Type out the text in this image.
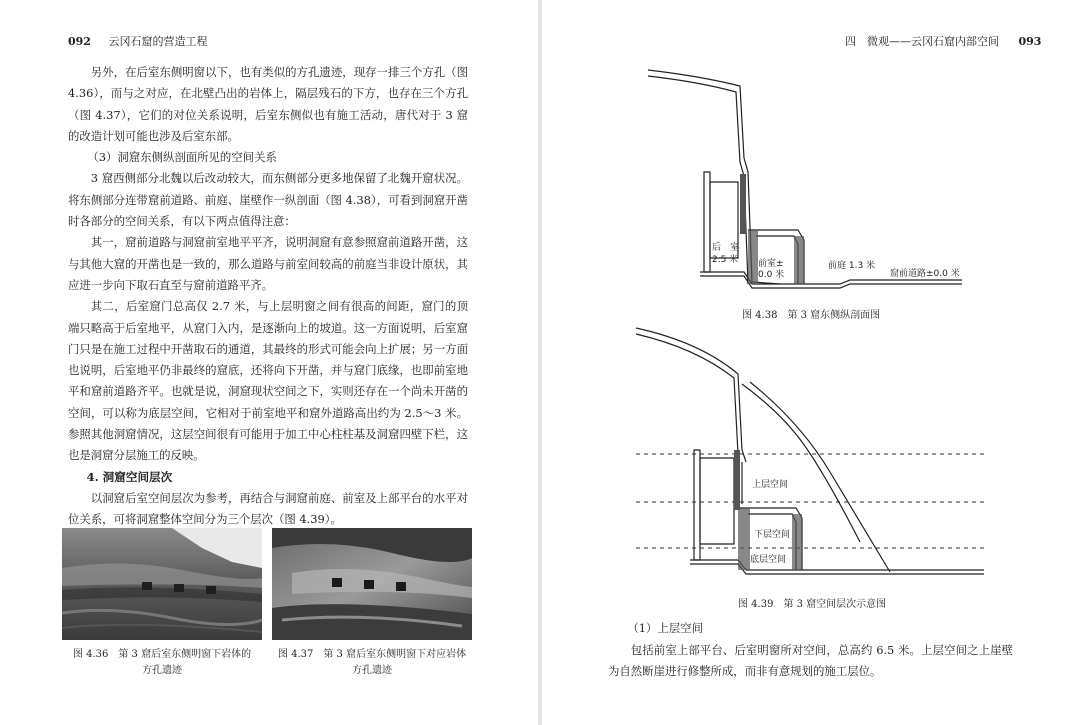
092 云冈石窟的营造工程

另外，在后室东侧明窗以下，也有类似的方孔遗迹，现存一排三个方孔（图 4.36），而与之对应，在北壁凸出的岩体上，隔层残石的下方，也存在三个方孔（图 4.37），它们的对位关系说明，后室东侧似也有施工活动，唐代对于 3 窟的改造计划可能也涉及后室东部。

（3）洞窟东侧纵剖面所见的空间关系

3 窟西侧部分北魏以后改动较大，而东侧部分更多地保留了北魏开窟状况。将东侧部分连带窟前道路、前庭、崖壁作一纵剖面（图 4.38），可看到洞窟开凿时各部分的空间关系，有以下两点值得注意：

其一，窟前道路与洞窟前室地平平齐，说明洞窟有意参照窟前道路开凿，这与其他大窟的开凿也是一致的，那么道路与前室间较高的前庭当非设计原状，其应进一步向下取石直至与窟前道路平齐。

其二，后室窟门总高仅 2.7 米，与上层明窗之间有很高的间距，窟门的顶端只略高于后室地平，从窟门入内，是逐渐向上的坡道。这一方面说明，后室窟门只是在施工过程中开凿取石的通道，其最终的形式可能会向上扩展；另一方面也说明，后室地平仍非最终的窟底，还将向下开凿，并与窟门底缘，也即前室地平和窟前道路齐平。也就是说，洞窟现状空间之下，实则还存在一个尚未开凿的空间，可以称为底层空间，它相对于前室地平和窟外道路高出约为 2.5～3 米。参照其他洞窟情况，这层空间很有可能用于加工中心柱柱基及洞窟四壁下栏，这也是洞窟分层施工的反映。

4. 洞窟空间层次

以洞窟后室空间层次为参考，再结合与洞窟前庭、前室及上部平台的水平对位关系，可将洞窟整体空间分为三个层次（图 4.39）。

图 4.36　第 3 窟后室东侧明窗下岩体的
方孔遗迹
图 4.37　第 3 窟后室东侧明窗下对应岩体
方孔遗迹
四　微观——云冈石窟内部空间 093
后　室
2.5 米 前室±
0.0 米
前庭 1.3 米
窟前道路±0.0 米
图 4.38　第 3 窟东侧纵剖面图
上层空间
下层空间
底层空间
图 4.39　第 3 窟空间层次示意图

（1）上层空间

包括前室上部平台、后室明窗所对空间，总高约 6.5 米。上层空间之上崖壁为自然断崖进行修整所成，而非有意规划的施工层位。
